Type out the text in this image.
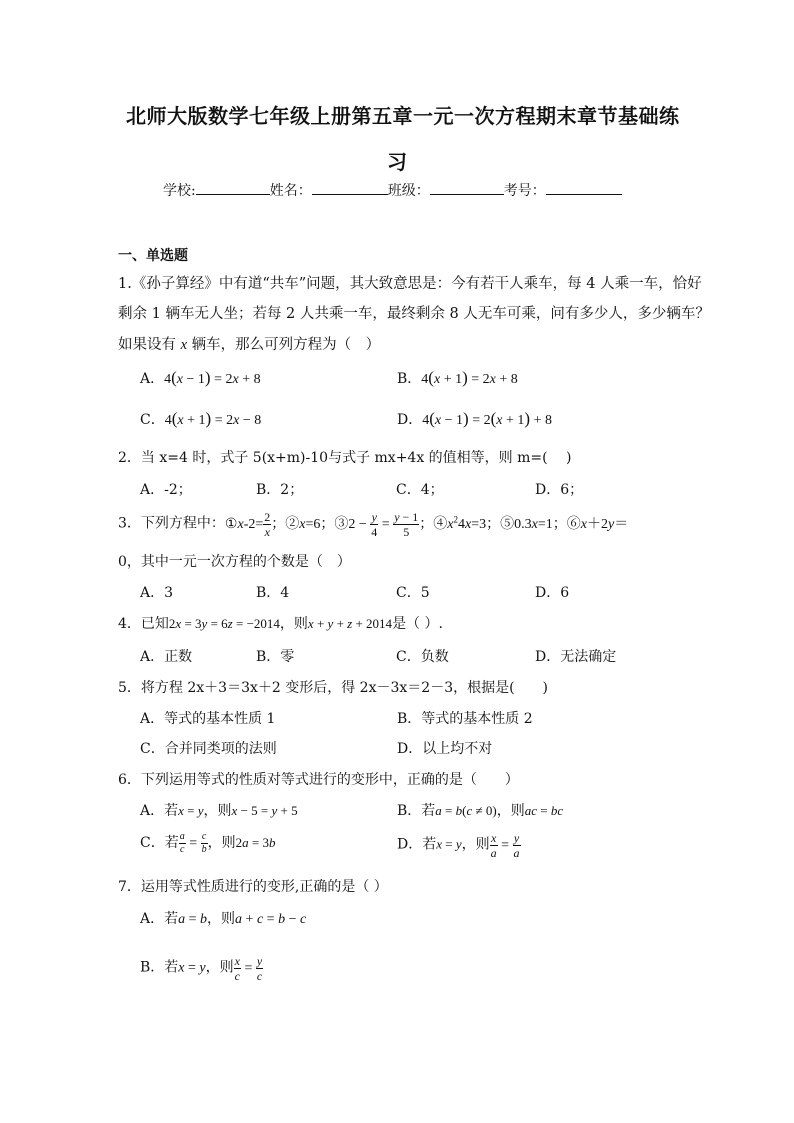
北师大版数学七年级上册第五章一元一次方程期末章节基础练
习
学校:	姓名：	班级：	考号：
一、单选题
1.《孙子算经》中有道“共车”问题，其大致意思是：今有若干人乘车，每 4 人乘一车，恰好
剩余 1 辆车无人坐；若每 2 人共乘一车，最终剩余 8 人无车可乘，问有多少人，多少辆车？
如果设有 x 辆车，那么可列方程为（　）
A．4(x − 1) = 2x + 8	B．4(x + 1) = 2x + 8
C．4(x + 1) = 2x − 8	D．4(x − 1) = 2(x + 1) + 8
2．当 x=4 时，式子 5(x+m)-10与式子 mx+4x 的值相等，则 m=(　 )
A．-2；	B．2；	C．4；	D．6；
3．下列方程中：①x-2= $\frac{2}{x}$ ；②x=6；③2 − $\frac{y}{4} = \frac{y - 1}{5}$ ；$④x^24x=3$；⑤0.3x=1；⑥x＋2y＝
0，其中一元一次方程的个数是（　）
A．3	B．4	C．5	D．6
4．已知2x = 3y = 6z = −2014，则x + y + z + 2014是（ ）.
A．正数	B．零	C．负数	D．无法确定
5．将方程 2x＋3＝3x＋2 变形后，得 2x－3x＝2－3，根据是(　　)
A．等式的基本性质 1	B．等式的基本性质 2
C．合并同类项的法则	D．以上均不对
6．下列运用等式的性质对等式进行的变形中，正确的是（　　）
A．若x = y，则x − 5 = y + 5	B．若a = b(c ≠ 0)，则ac = bc
C．若 $\frac{a}{c} = \frac{c}{b}$ ，则2a = 3b	D．若x = y，则 $\frac{x}{a} = \frac{y}{a}$
7．运用等式性质进行的变形,正确的是（ ）
A．若a = b，则a + c = b − c
B．若x = y，则 $\frac{x}{c} = \frac{y}{c}$
